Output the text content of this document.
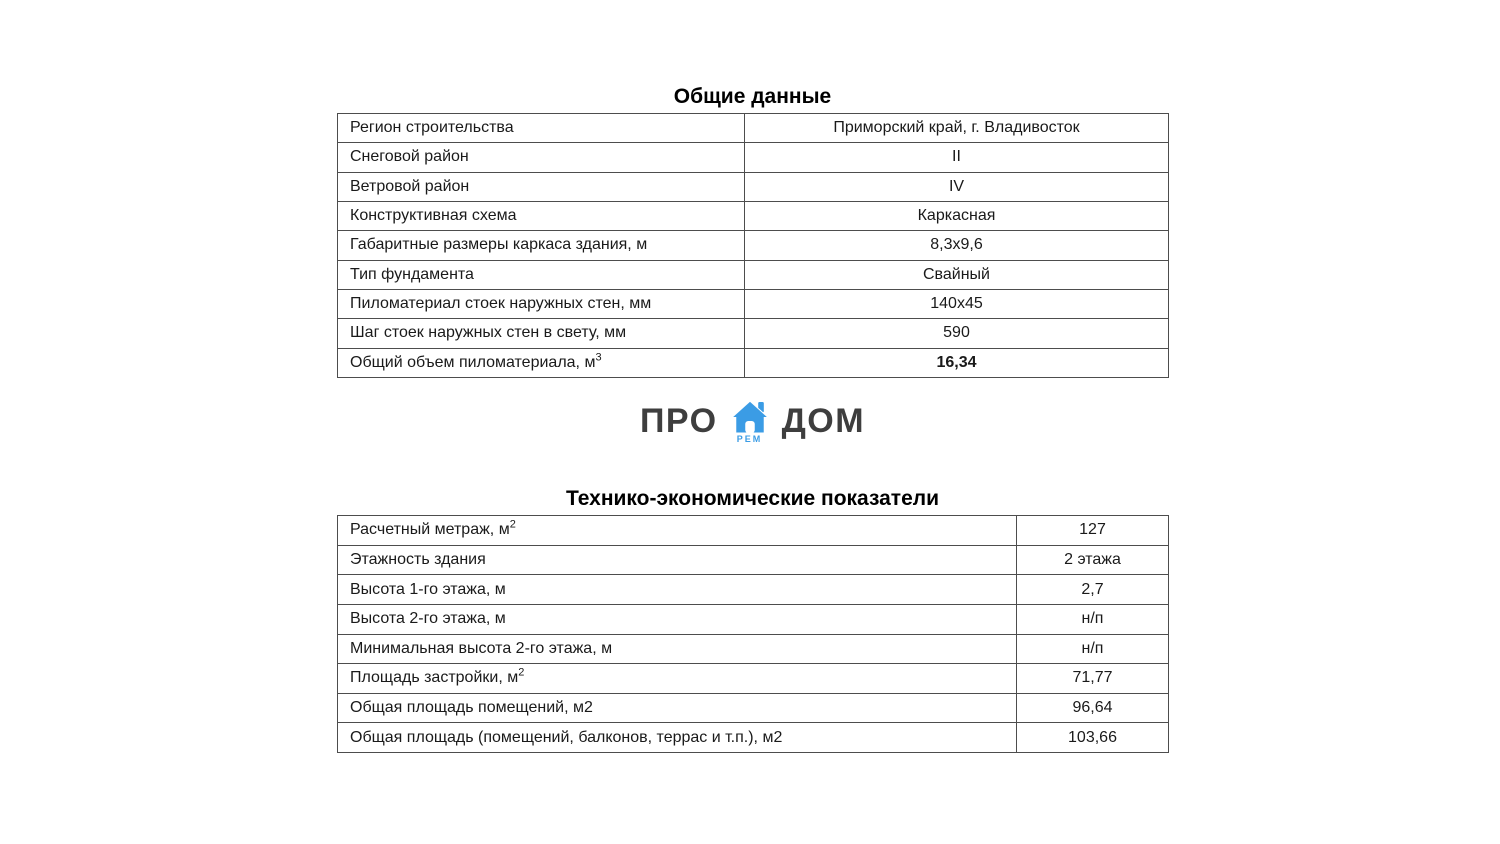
Общие данные
Регион строительства	Приморский край, г. Владивосток
Снеговой район	II
Ветровой район	IV
Конструктивная схема	Каркасная
Габаритные размеры каркаса здания, м	8,3х9,6
Тип фундамента	Свайный
Пиломатериал стоек наружных стен, мм	140х45
Шаг стоек наружных стен в свету, мм	590
Общий объем пиломатериала, $м^3$	16,34
ПРО РЕМ ДОМ
Технико-экономические показатели
Расчетный метраж, $м^2$	127
Этажность здания	2 этажа
Высота 1-го этажа, м	2,7
Высота 2-го этажа, м	н/п
Минимальная высота 2-го этажа, м	н/п
Площадь застройки, $м^2$	71,77
Общая площадь помещений, м2	96,64
Общая площадь (помещений, балконов, террас и т.п.), м2	103,66
